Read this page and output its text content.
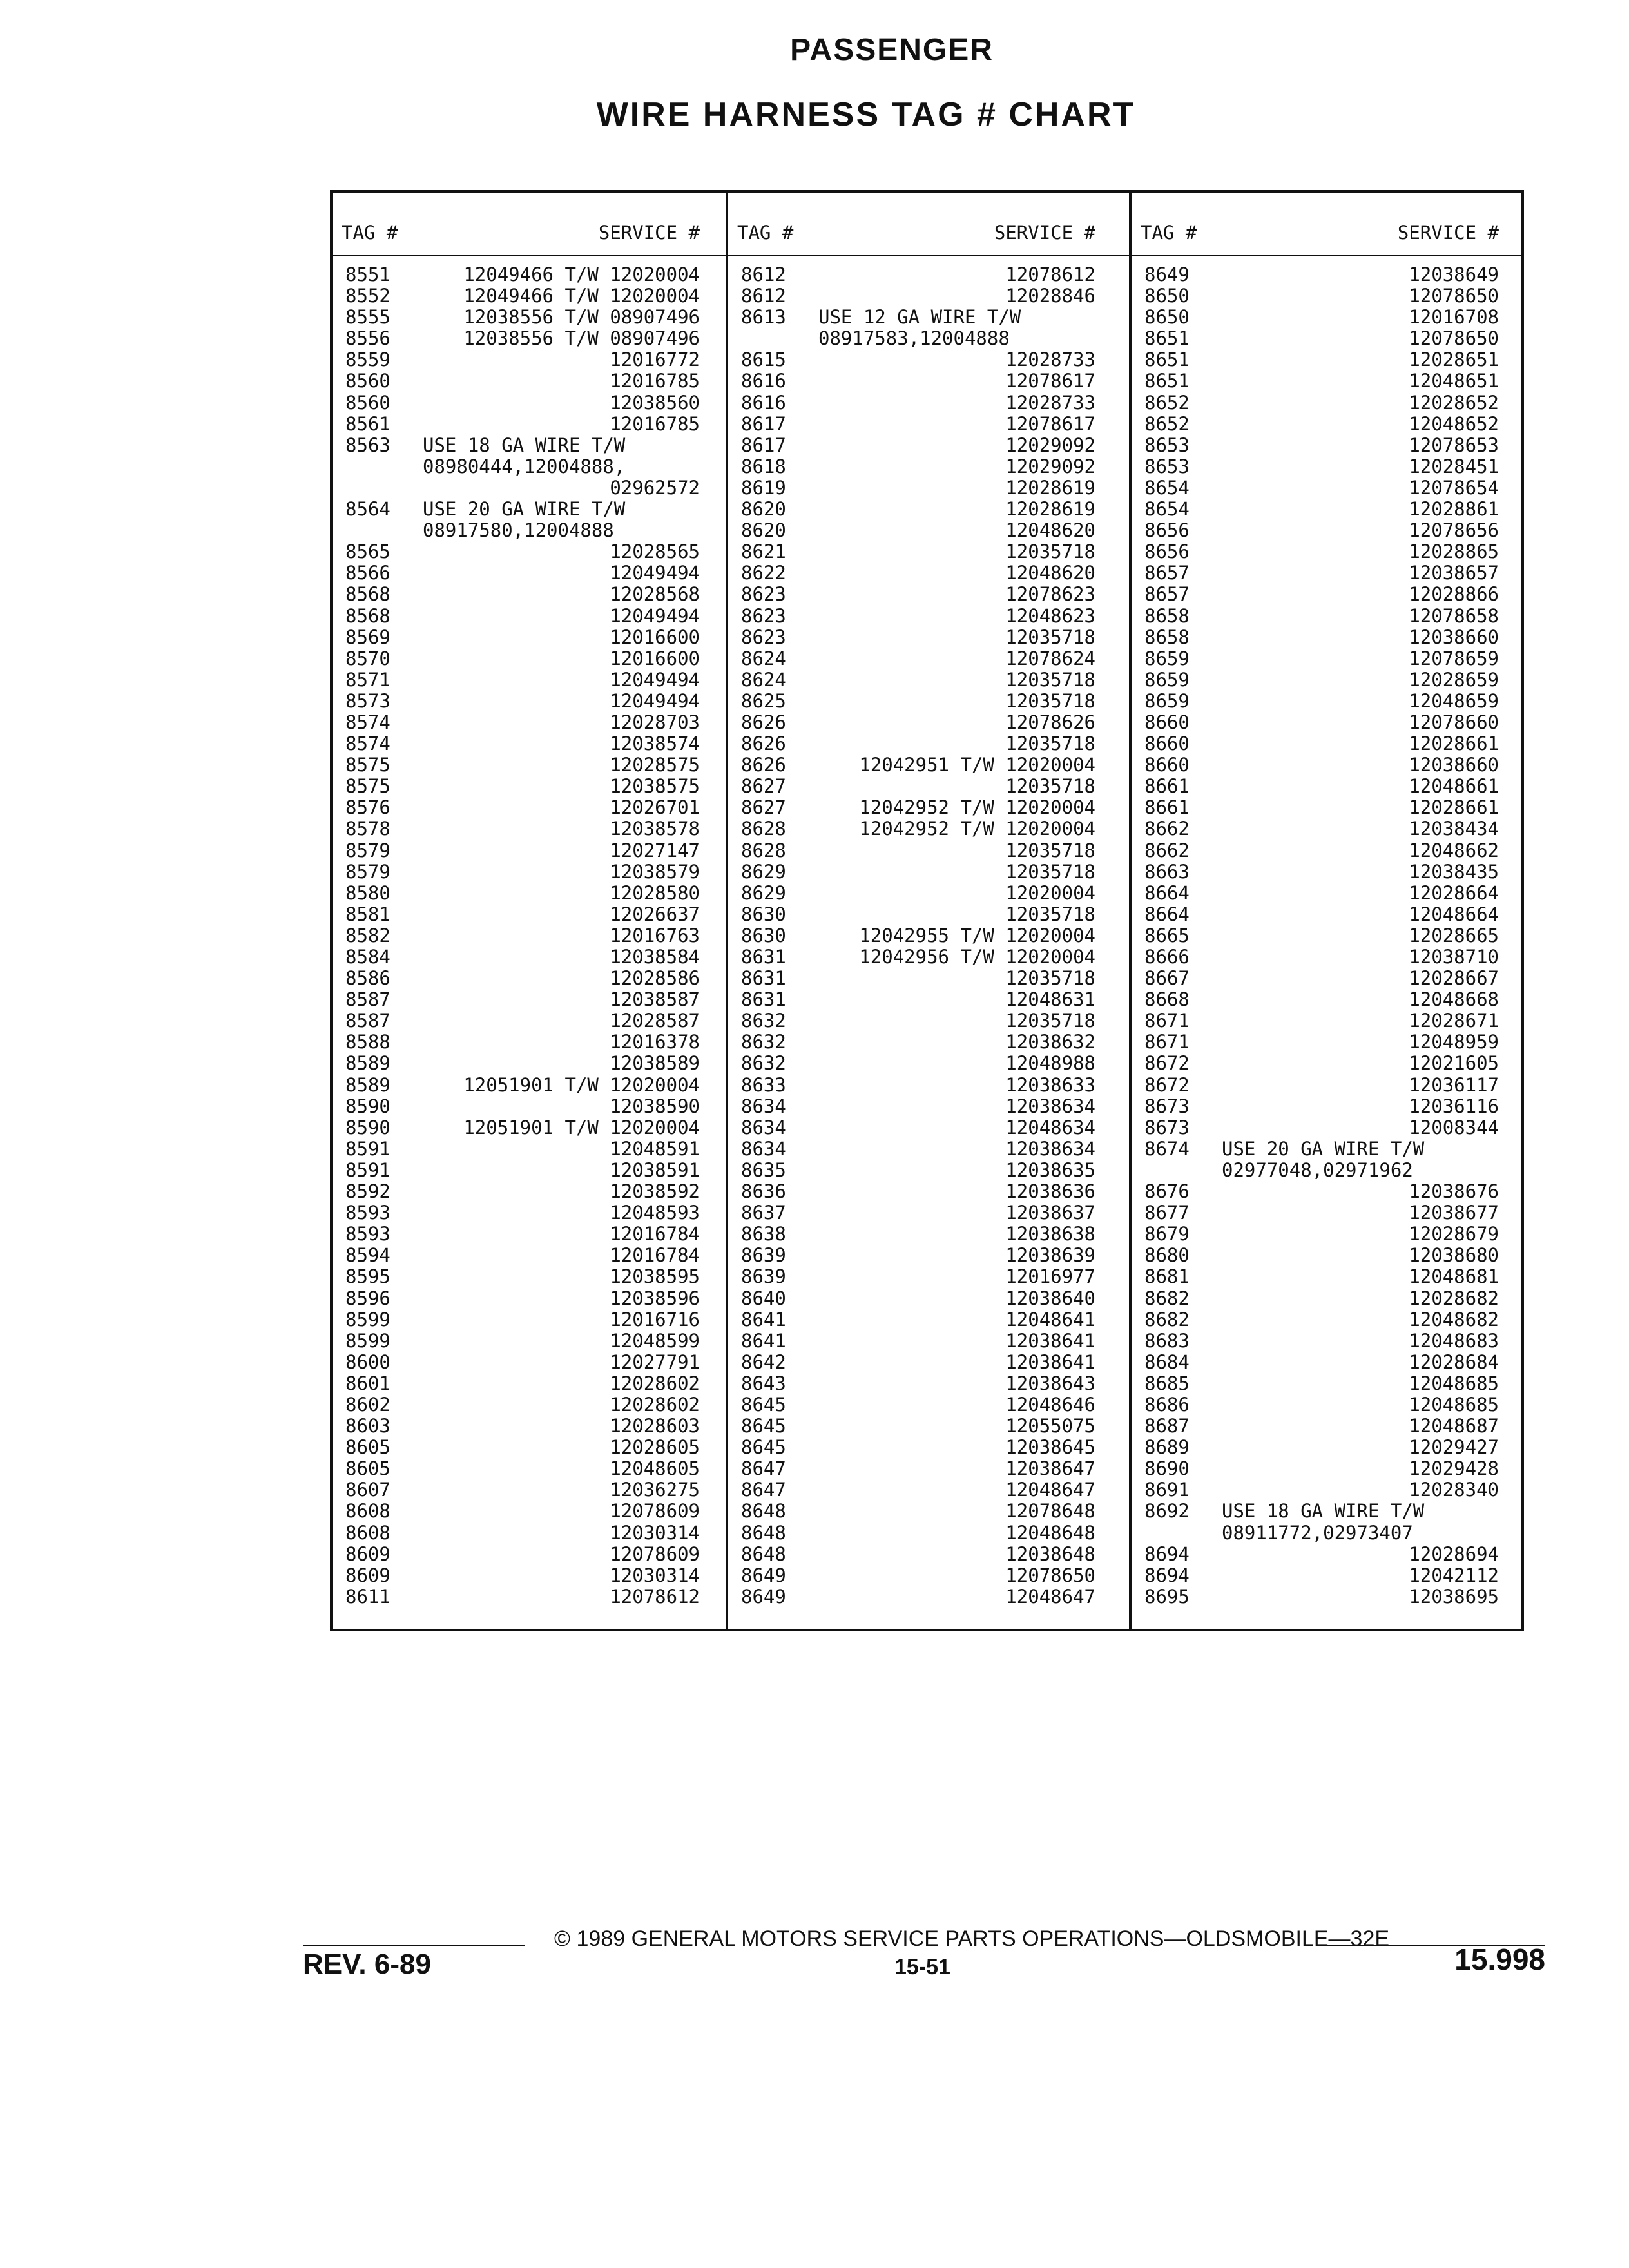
PASSENGER
WIRE HARNESS TAG # CHART
TAG #	SERVICE #
8551	12049466 T/W 12020004
8552	12049466 T/W 12020004
8555	12038556 T/W 08907496
8556	12038556 T/W 08907496
8559	12016772
8560	12016785
8560	12038560
8561	12016785
8563 USE 18 GA WIRE T/W
08980444,12004888,
02962572
8564 USE 20 GA WIRE T/W
08917580,12004888
8565	12028565
8566	12049494
8568	12028568
8568	12049494
8569	12016600
8570	12016600
8571	12049494
8573	12049494
8574	12028703
8574	12038574
8575	12028575
8575	12038575
8576	12026701
8578	12038578
8579	12027147
8579	12038579
8580	12028580
8581	12026637
8582	12016763
8584	12038584
8586	12028586
8587	12038587
8587	12028587
8588	12016378
8589	12038589
8589	12051901 T/W 12020004
8590	12038590
8590	12051901 T/W 12020004
8591	12048591
8591	12038591
8592	12038592
8593	12048593
8593	12016784
8594	12016784
8595	12038595
8596	12038596
8599	12016716
8599	12048599
8600	12027791
8601	12028602
8602	12028602
8603	12028603
8605	12028605
8605	12048605
8607	12036275
8608	12078609
8608	12030314
8609	12078609
8609	12030314
8611	12078612
TAG #	SERVICE #
8612	12078612
8612	12028846
8613 USE 12 GA WIRE T/W
08917583,12004888
8615	12028733
8616	12078617
8616	12028733
8617	12078617
8617	12029092
8618	12029092
8619	12028619
8620	12028619
8620	12048620
8621	12035718
8622	12048620
8623	12078623
8623	12048623
8623	12035718
8624	12078624
8624	12035718
8625	12035718
8626	12078626
8626	12035718
8626	12042951 T/W 12020004
8627	12035718
8627	12042952 T/W 12020004
8628	12042952 T/W 12020004
8628	12035718
8629	12035718
8629	12020004
8630	12035718
8630	12042955 T/W 12020004
8631	12042956 T/W 12020004
8631	12035718
8631	12048631
8632	12035718
8632	12038632
8632	12048988
8633	12038633
8634	12038634
8634	12048634
8634	12038634
8635	12038635
8636	12038636
8637	12038637
8638	12038638
8639	12038639
8639	12016977
8640	12038640
8641	12048641
8641	12038641
8642	12038641
8643	12038643
8645	12048646
8645	12055075
8645	12038645
8647	12038647
8647	12048647
8648	12078648
8648	12048648
8648	12038648
8649	12078650
8649	12048647
TAG #	SERVICE #
8649	12038649
8650	12078650
8650	12016708
8651	12078650
8651	12028651
8651	12048651
8652	12028652
8652	12048652
8653	12078653
8653	12028451
8654	12078654
8654	12028861
8656	12078656
8656	12028865
8657	12038657
8657	12028866
8658	12078658
8658	12038660
8659	12078659
8659	12028659
8659	12048659
8660	12078660
8660	12028661
8660	12038660
8661	12048661
8661	12028661
8662	12038434
8662	12048662
8663	12038435
8664	12028664
8664	12048664
8665	12028665
8666	12038710
8667	12028667
8668	12048668
8671	12028671
8671	12048959
8672	12021605
8672	12036117
8673	12036116
8673	12008344
8674 USE 20 GA WIRE T/W
02977048,02971962
8676	12038676
8677	12038677
8679	12028679
8680	12038680
8681	12048681
8682	12028682
8682	12048682
8683	12048683
8684	12028684
8685	12048685
8686	12048685
8687	12048687
8689	12029427
8690	12029428
8691	12028340
8692 USE 18 GA WIRE T/W
08911772,02973407
8694	12028694
8694	12042112
8695	12038695
© 1989 GENERAL MOTORS SERVICE PARTS OPERATIONS—OLDSMOBILE—32E
REV. 6-89	15-51	15.998
